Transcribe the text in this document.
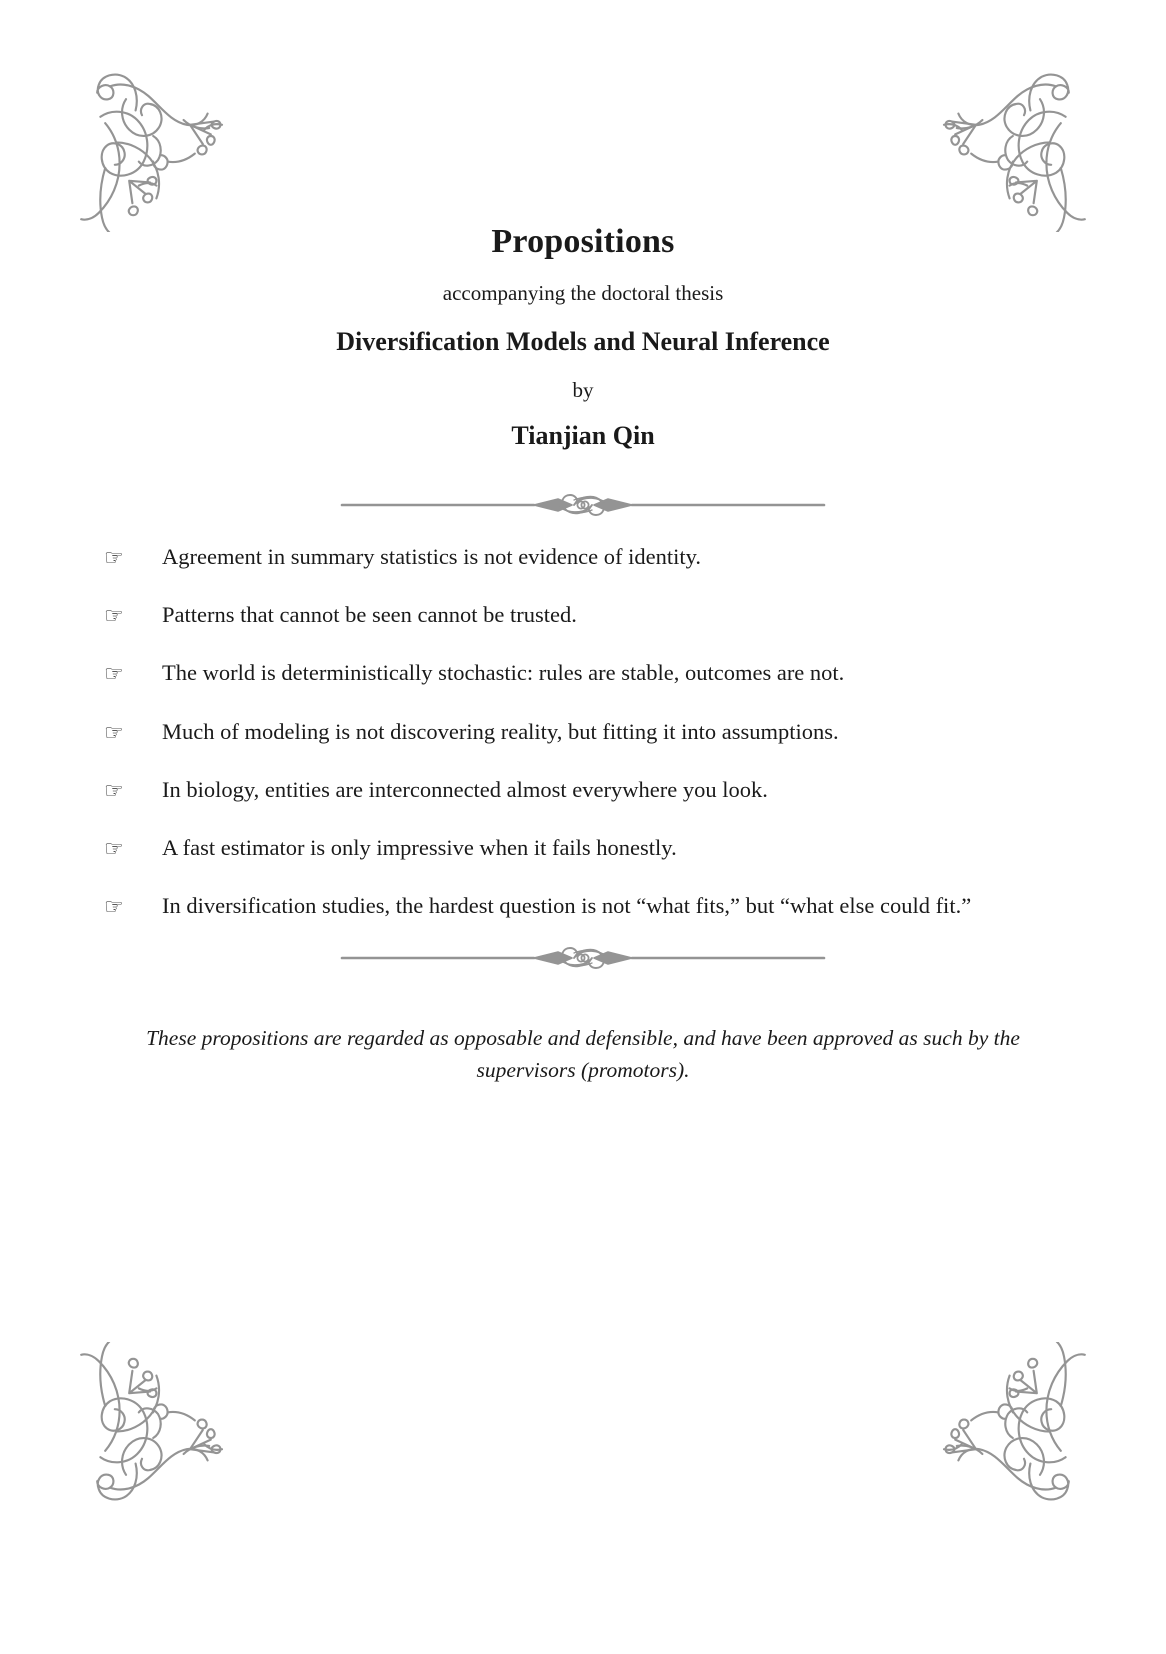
Propositions

accompanying the doctoral thesis

Diversification Models and Neural Inference

by

Tianjian Qin
☞	Agreement in summary statistics is not evidence of identity.
☞	Patterns that cannot be seen cannot be trusted.
☞	The world is deterministically stochastic: rules are stable, outcomes are not.
☞	Much of modeling is not discovering reality, but fitting it into assumptions.
☞	In biology, entities are interconnected almost everywhere you look.
☞	A fast estimator is only impressive when it fails honestly.
☞	In diversification studies, the hardest question is not “what fits,” but “what else could fit.”

These propositions are regarded as opposable and defensible, and have been approved as such by the supervisors (promotors).
